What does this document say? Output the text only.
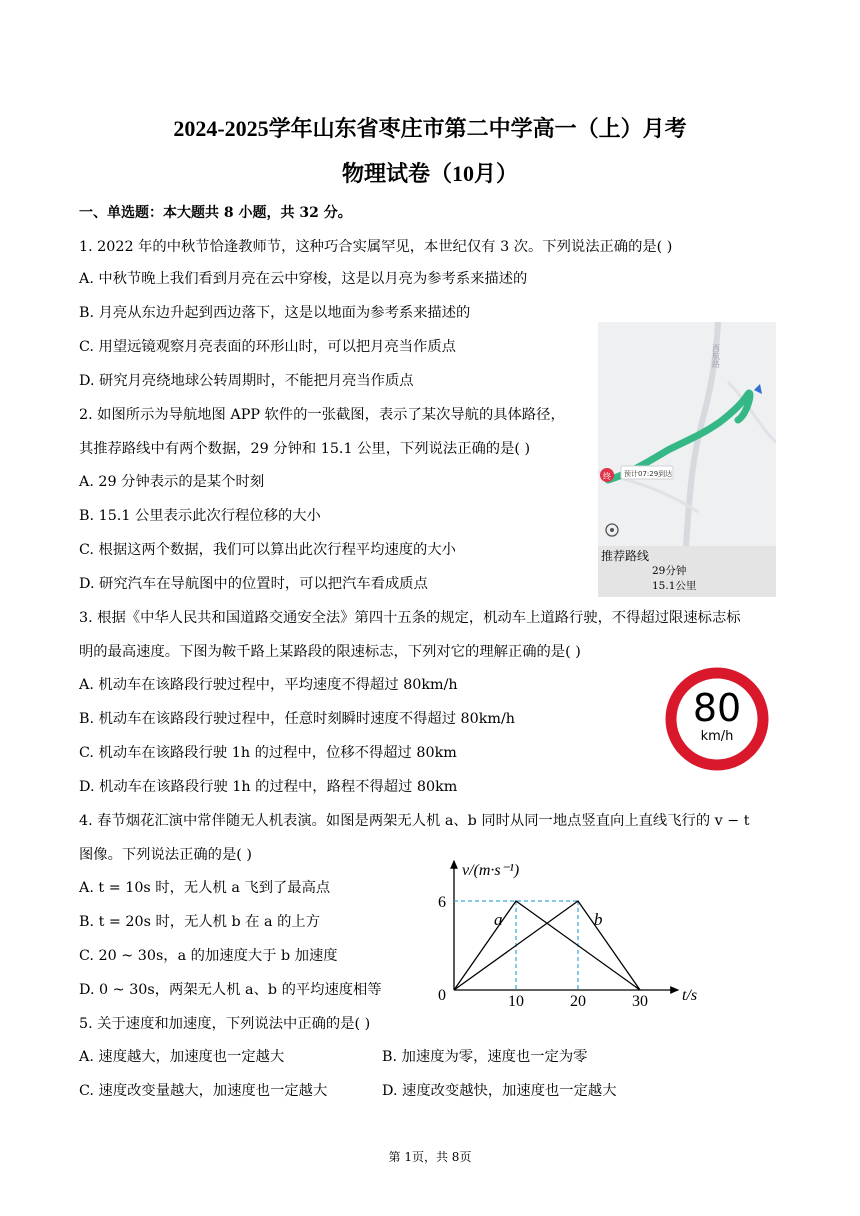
2024-2025学年山东省枣庄市第二中学高一（上）月考
物理试卷（10月）
一、单选题：本大题共 8 小题，共 32 分。
1. 2022 年的中秋节恰逢教师节，这种巧合实属罕见，本世纪仅有 3 次。下列说法正确的是( )
A. 中秋节晚上我们看到月亮在云中穿梭，这是以月亮为参考系来描述的
B. 月亮从东边升起到西边落下，这是以地面为参考系来描述的
C. 用望远镜观察月亮表面的环形山时，可以把月亮当作质点
D. 研究月亮绕地球公转周期时，不能把月亮当作质点
2. 如图所示为导航地图 APP 软件的一张截图，表示了某次导航的具体路径，
其推荐路线中有两个数据，29 分钟和 15.1 公里，下列说法正确的是( )
A. 29 分钟表示的是某个时刻
B. 15.1 公里表示此次行程位移的大小
C. 根据这两个数据，我们可以算出此次行程平均速度的大小
D. 研究汽车在导航图中的位置时，可以把汽车看成质点
终 预计07:29到达
西航路
推荐路线
29分钟
15.1公里
3. 根据《中华人民共和国道路交通安全法》第四十五条的规定，机动车上道路行驶，不得超过限速标志标
明的最高速度。下图为鞍千路上某路段的限速标志，下列对它的理解正确的是( )
A. 机动车在该路段行驶过程中，平均速度不得超过 80km/h
B. 机动车在该路段行驶过程中，任意时刻瞬时速度不得超过 80km/h
C. 机动车在该路段行驶 1h 的过程中，位移不得超过 80km
D. 机动车在该路段行驶 1h 的过程中，路程不得超过 80km
80
km/h
4. 春节烟花汇演中常伴随无人机表演。如图是两架无人机 a、b 同时从同一地点竖直向上直线飞行的 v − t
图像。下列说法正确的是( )
A. t = 10s 时，无人机 a 飞到了最高点
B. t = 20s 时，无人机 b 在 a 的上方
C. 20 ~ 30s，a 的加速度大于 b 加速度
D. 0 ~ 30s，两架无人机 a、b 的平均速度相等
v/(m·s⁻¹)
t/s
0
a	b
10	20	30
6
5. 关于速度和加速度，下列说法中正确的是( )
A. 速度越大，加速度也一定越大	B. 加速度为零，速度也一定为零
C. 速度改变量越大，加速度也一定越大	D. 速度改变越快，加速度也一定越大
第 1页，共 8页
